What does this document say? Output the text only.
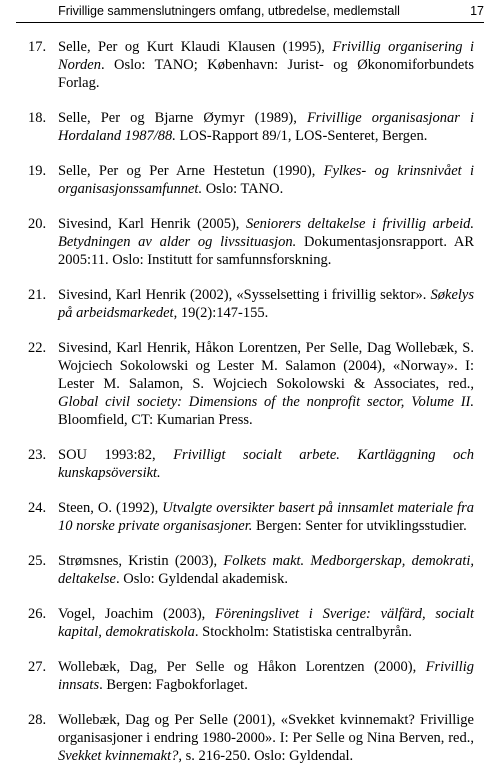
Frivillige sammenslutningers omfang, utbredelse, medlemstall	17
17. Selle, Per og Kurt Klaudi Klausen (1995), Frivillig organisering i Norden. Oslo: TANO; København: Jurist- og Økonomiforbundets Forlag.
18. Selle, Per og Bjarne Øymyr (1989), Frivillige organisasjonar i Hordaland 1987/88. LOS-Rapport 89/1, LOS-Senteret, Bergen.
19. Selle, Per og Per Arne Hestetun (1990), Fylkes- og krinsnivået i organisasjonssamfunnet. Oslo: TANO.
20. Sivesind, Karl Henrik (2005), Seniorers deltakelse i frivillig arbeid. Betydningen av alder og livssituasjon. Dokumentasjonsrapport. AR 2005:11. Oslo: Institutt for samfunnsforskning.
21. Sivesind, Karl Henrik (2002), «Sysselsetting i frivillig sektor». Søkelys på arbeidsmarkedet, 19(2):147-155.
22. Sivesind, Karl Henrik, Håkon Lorentzen, Per Selle, Dag Wollebæk, S. Wojciech Sokolowski og Lester M. Salamon (2004), «Norway». I: Lester M. Salamon, S. Wojciech Sokolowski & Associates, red., Global civil society: Dimensions of the nonprofit sector, Volume II. Bloomfield, CT: Kumarian Press.
23. SOU 1993:82, Frivilligt socialt arbete. Kartläggning och kunskapsöversikt.
24. Steen, O. (1992), Utvalgte oversikter basert på innsamlet materiale fra 10 norske private organisasjoner. Bergen: Senter for utviklingsstudier.
25. Strømsnes, Kristin (2003), Folkets makt. Medborgerskap, demokrati, deltakelse. Oslo: Gyldendal akademisk.
26. Vogel, Joachim (2003), Föreningslivet i Sverige: välfärd, socialt kapital, demokratiskola. Stockholm: Statistiska centralbyrån.
27. Wollebæk, Dag, Per Selle og Håkon Lorentzen (2000), Frivillig innsats. Bergen: Fagbokforlaget.
28. Wollebæk, Dag og Per Selle (2001), «Svekket kvinnemakt? Frivillige organisasjoner i endring 1980-2000». I: Per Selle og Nina Berven, red., Svekket kvinnemakt?, s. 216-250. Oslo: Gyldendal.
